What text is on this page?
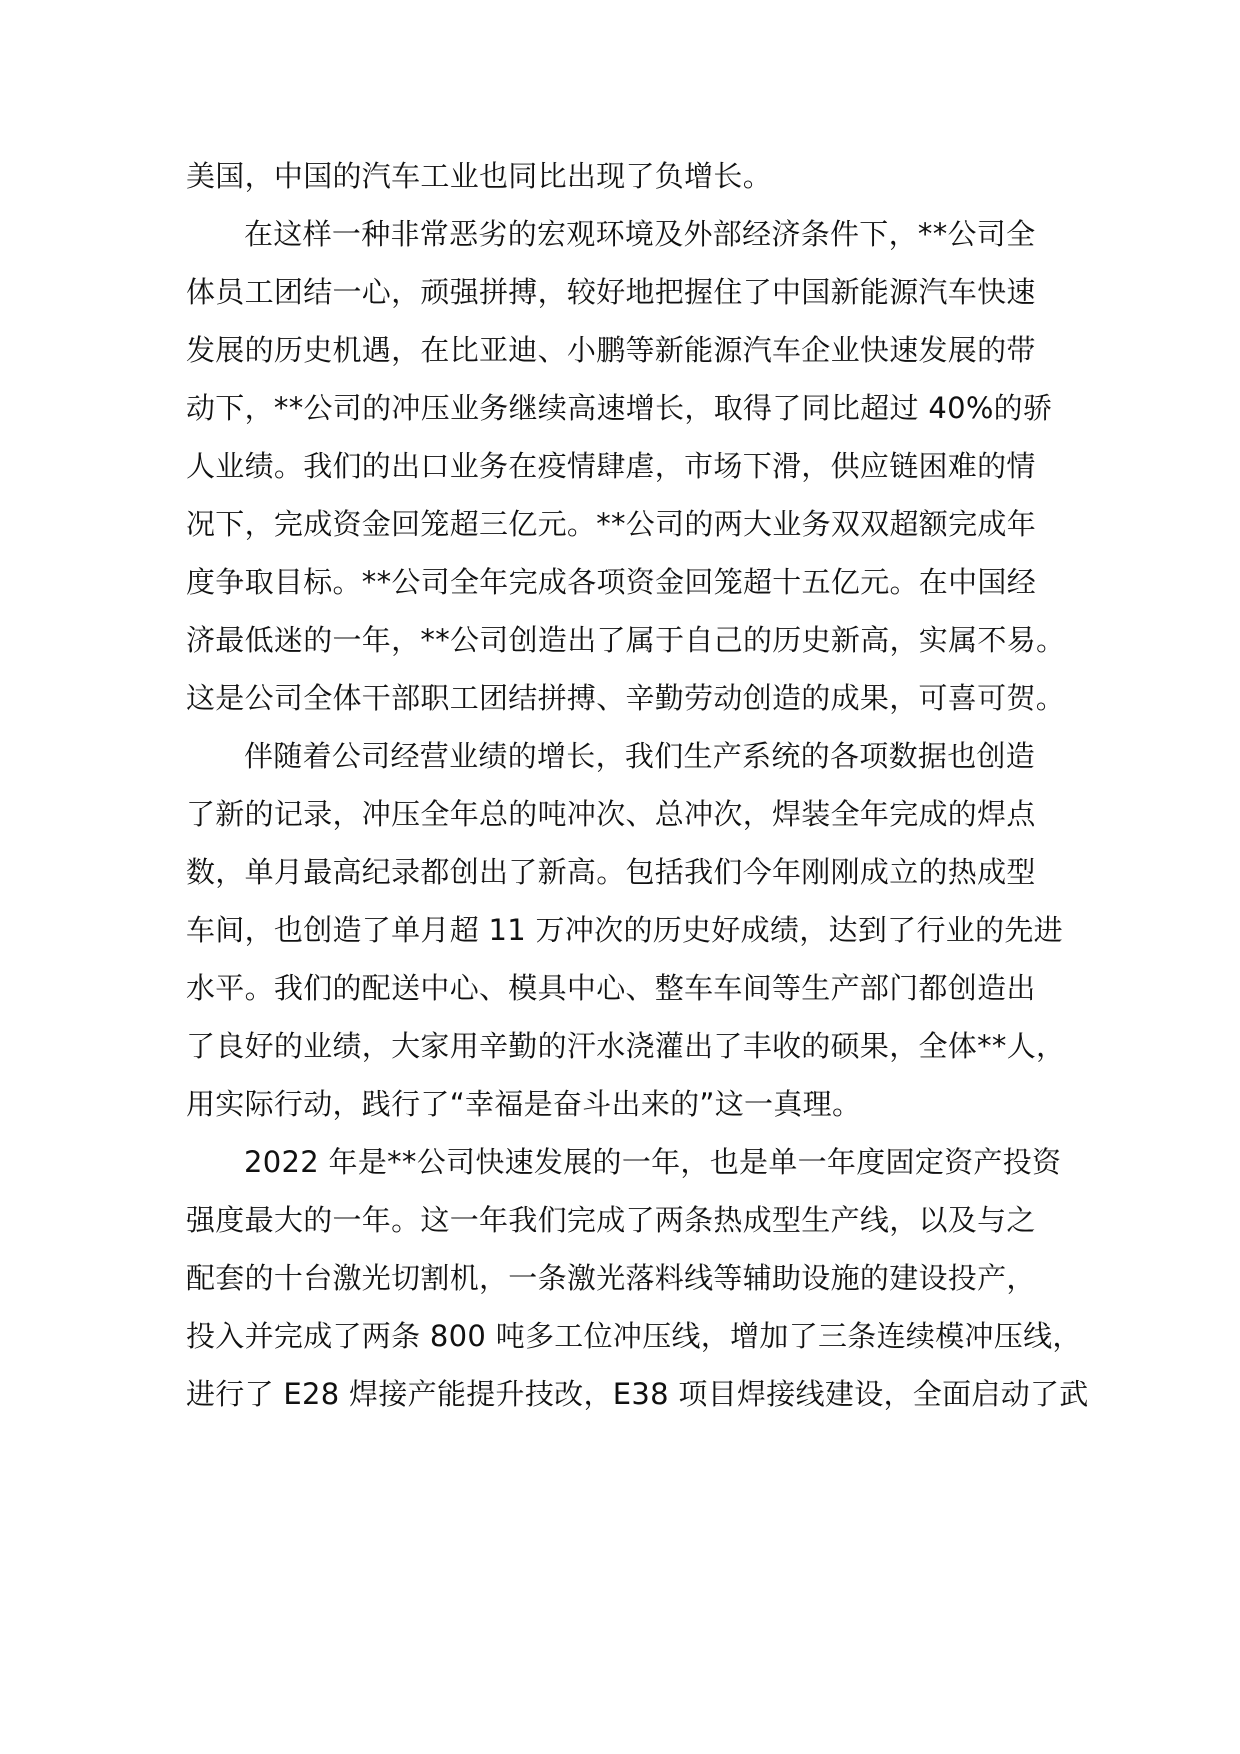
美国，中国的汽车工业也同比出现了负增长。
在这样一种非常恶劣的宏观环境及外部经济条件下，**公司全
体员工团结一心，顽强拼搏，较好地把握住了中国新能源汽车快速
发展的历史机遇，在比亚迪、小鹏等新能源汽车企业快速发展的带
动下，**公司的冲压业务继续高速增长，取得了同比超过 40%的骄
人业绩。我们的出口业务在疫情肆虐，市场下滑，供应链困难的情
况下，完成资金回笼超三亿元。**公司的两大业务双双超额完成年
度争取目标。**公司全年完成各项资金回笼超十五亿元。在中国经
济最低迷的一年，**公司创造出了属于自己的历史新高，实属不易。
这是公司全体干部职工团结拼搏、辛勤劳动创造的成果，可喜可贺。
伴随着公司经营业绩的增长，我们生产系统的各项数据也创造
了新的记录，冲压全年总的吨冲次、总冲次，焊装全年完成的焊点
数，单月最高纪录都创出了新高。包括我们今年刚刚成立的热成型
车间，也创造了单月超 11 万冲次的历史好成绩，达到了行业的先进
水平。我们的配送中心、模具中心、整车车间等生产部门都创造出
了良好的业绩，大家用辛勤的汗水浇灌出了丰收的硕果，全体**人，
用实际行动，践行了“幸福是奋斗出来的”这一真理。
2022 年是**公司快速发展的一年，也是单一年度固定资产投资
强度最大的一年。这一年我们完成了两条热成型生产线，以及与之
配套的十台激光切割机，一条激光落料线等辅助设施的建设投产，
投入并完成了两条 800 吨多工位冲压线，增加了三条连续模冲压线，
进行了 E28 焊接产能提升技改，E38 项目焊接线建设，全面启动了武
